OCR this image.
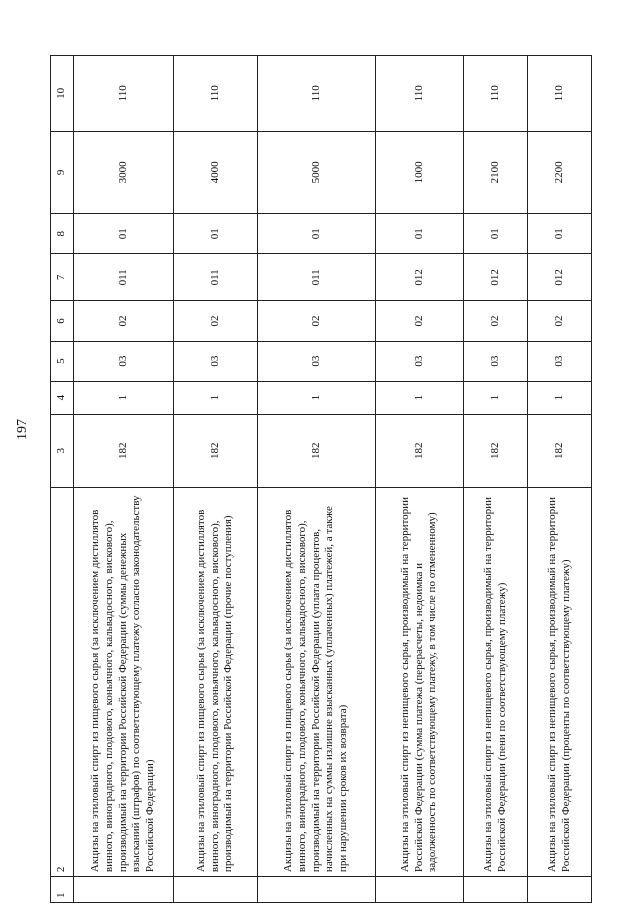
197
1	2	3	4	5	6	7	8	9	10
	Акцизы на этиловый спирт из пищевого сырья (за исключением дистиллятов винного, виноградного, плодового, коньячного, кальвадосного, вискового), производимый на территории Российской Федерации (суммы денежных взысканий (штрафов) по соответствующему платежу согласно законодательству Российской Федерации)	182	1	03	02	011	01	3000	110
	Акцизы на этиловый спирт из пищевого сырья (за исключением дистиллятов винного, виноградного, плодового, коньячного, кальвадосного, вискового), производимый на территории Российской Федерации (прочие поступления)	182	1	03	02	011	01	4000	110
	Акцизы на этиловый спирт из пищевого сырья (за исключением дистиллятов винного, виноградного, плодового, коньячного, кальвадосного, вискового), производимый на территории Российской Федерации (уплата процентов, начисленных на суммы излишне взысканных (уплаченных) платежей, а также при нарушении сроков их возврата)	182	1	03	02	011	01	5000	110
	Акцизы на этиловый спирт из непищевого сырья, производимый на территории Российской Федерации (сумма платежа (перерасчеты, недоимка и задолженность по соответствующему платежу, в том числе по отмененному)	182	1	03	02	012	01	1000	110
	Акцизы на этиловый спирт из непищевого сырья, производимый на территории Российской Федерации (пени по соответствующему платежу)	182	1	03	02	012	01	2100	110
	Акцизы на этиловый спирт из непищевого сырья, производимый на территории Российской Федерации (проценты по соответствующему платежу)	182	1	03	02	012	01	2200	110
